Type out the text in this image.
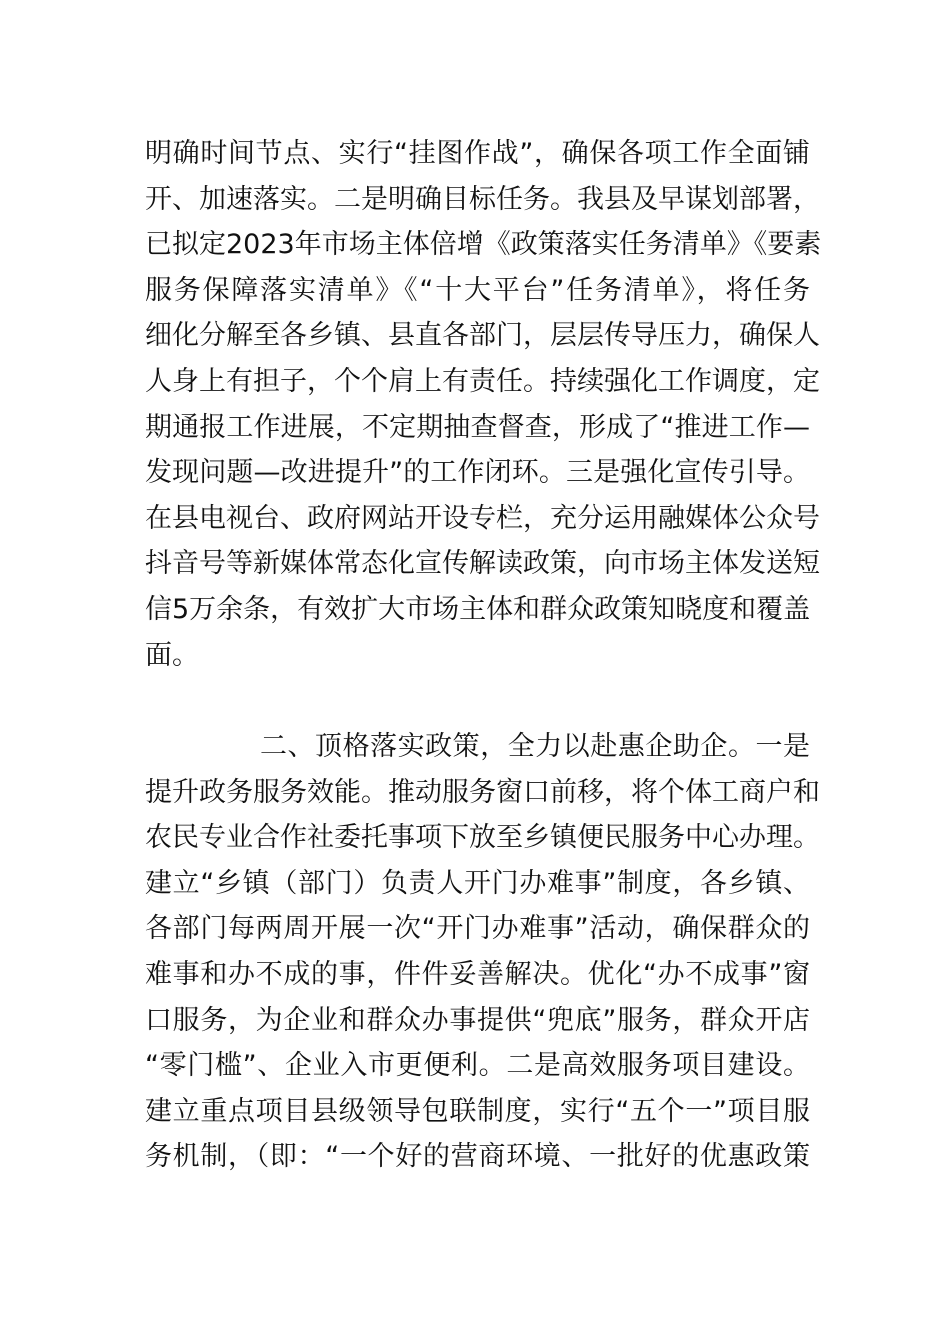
明确时间节点、实行“挂图作战”，确保各项工作全面铺
开、加速落实。二是明确目标任务。我县及早谋划部署，
已拟定2023年市场主体倍增《政策落实任务清单》《要素
服务保障落实清单》《“十大平台”任务清单》，将任务
细化分解至各乡镇、县直各部门，层层传导压力，确保人
人身上有担子，个个肩上有责任。持续强化工作调度，定
期通报工作进展，不定期抽查督查，形成了“推进工作—
发现问题—改进提升”的工作闭环。三是强化宣传引导。
在县电视台、政府网站开设专栏，充分运用融媒体公众号
抖音号等新媒体常态化宣传解读政策，向市场主体发送短
信5万余条，有效扩大市场主体和群众政策知晓度和覆盖
面。
二、顶格落实政策，全力以赴惠企助企。一是
提升政务服务效能。推动服务窗口前移，将个体工商户和
农民专业合作社委托事项下放至乡镇便民服务中心办理。
建立“乡镇（部门）负责人开门办难事”制度，各乡镇、
各部门每两周开展一次“开门办难事”活动，确保群众的
难事和办不成的事，件件妥善解决。优化“办不成事”窗
口服务，为企业和群众办事提供“兜底”服务，群众开店
“零门槛”、企业入市更便利。二是高效服务项目建设。
建立重点项目县级领导包联制度，实行“五个一”项目服
务机制，（即：“一个好的营商环境、一批好的优惠政策
